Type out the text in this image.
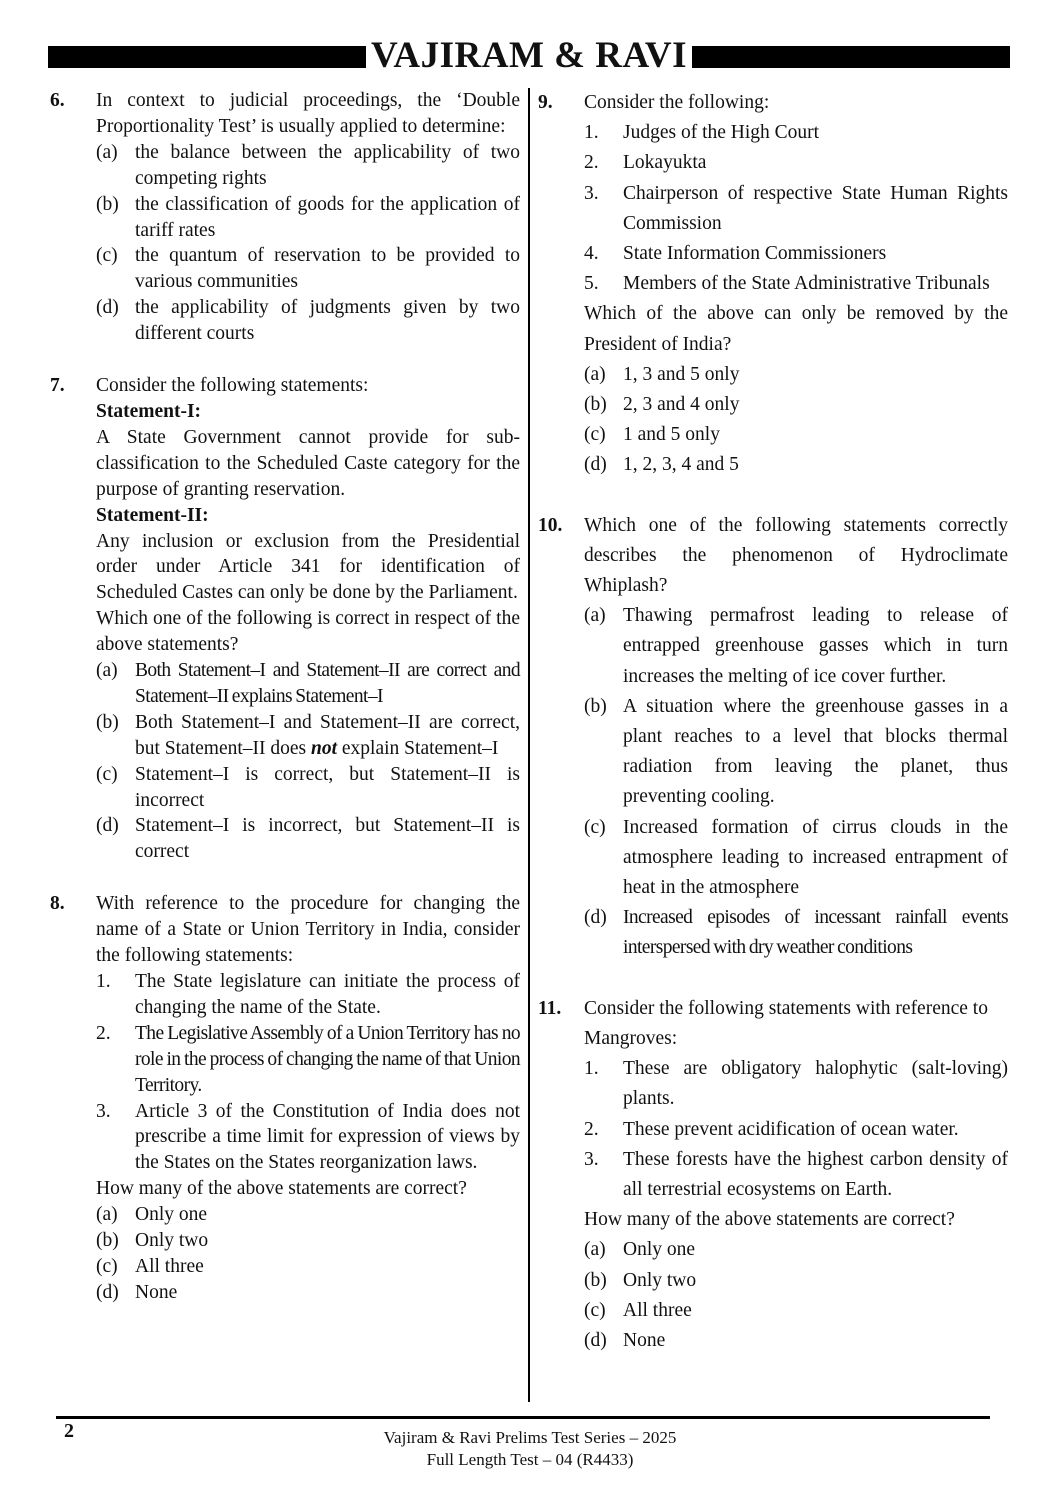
VAJIRAM & RAVI
6.	In context to judicial proceedings, the ‘Double Proportionality Test’ is usually applied to determine:
(a) the balance between the applicability of two competing rights
(b) the classification of goods for the application of tariff rates
(c) the quantum of reservation to be provided to various communities
(d) the applicability of judgments given by two different courts
7.	Consider the following statements:
Statement-I:
A State Government cannot provide for sub-classification to the Scheduled Caste category for the purpose of granting reservation.
Statement-II:
Any inclusion or exclusion from the Presidential order under Article 341 for identification of Scheduled Castes can only be done by the Parliament.
Which one of the following is correct in respect of the above statements?
(a) Both Statement–I and Statement–II are correct and Statement–II explains Statement–I
(b) Both Statement–I and Statement–II are correct, but Statement–II does not explain Statement–I
(c) Statement–I is correct, but Statement–II is incorrect
(d) Statement–I is incorrect, but Statement–II is correct
8.	With reference to the procedure for changing the name of a State or Union Territory in India, consider the following statements:
1.	The State legislature can initiate the process of changing the name of the State.
2.	The Legislative Assembly of a Union Territory has no role in the process of changing the name of that Union Territory.
3.	Article 3 of the Constitution of India does not prescribe a time limit for expression of views by the States on the States reorganization laws.
How many of the above statements are correct?
(a) Only one
(b) Only two
(c) All three
(d) None
9.	Consider the following:
1.	Judges of the High Court
2.	Lokayukta
3.	Chairperson of respective State Human Rights Commission
4.	State Information Commissioners
5.	Members of the State Administrative Tribunals
Which of the above can only be removed by the President of India?
(a) 1, 3 and 5 only
(b) 2, 3 and 4 only
(c) 1 and 5 only
(d) 1, 2, 3, 4 and 5
10.	Which one of the following statements correctly describes the phenomenon of Hydroclimate Whiplash?
(a) Thawing permafrost leading to release of entrapped greenhouse gasses which in turn increases the melting of ice cover further.
(b) A situation where the greenhouse gasses in a plant reaches to a level that blocks thermal radiation from leaving the planet, thus preventing cooling.
(c) Increased formation of cirrus clouds in the atmosphere leading to increased entrapment of heat in the atmosphere
(d) Increased episodes of incessant rainfall events interspersed with dry weather conditions
11.	Consider the following statements with reference to Mangroves:
1.	These are obligatory halophytic (salt-loving) plants.
2.	These prevent acidification of ocean water.
3.	These forests have the highest carbon density of all terrestrial ecosystems on Earth.
How many of the above statements are correct?
(a) Only one
(b) Only two
(c) All three
(d) None
2	Vajiram & Ravi Prelims Test Series – 2025
Full Length Test – 04 (R4433)
